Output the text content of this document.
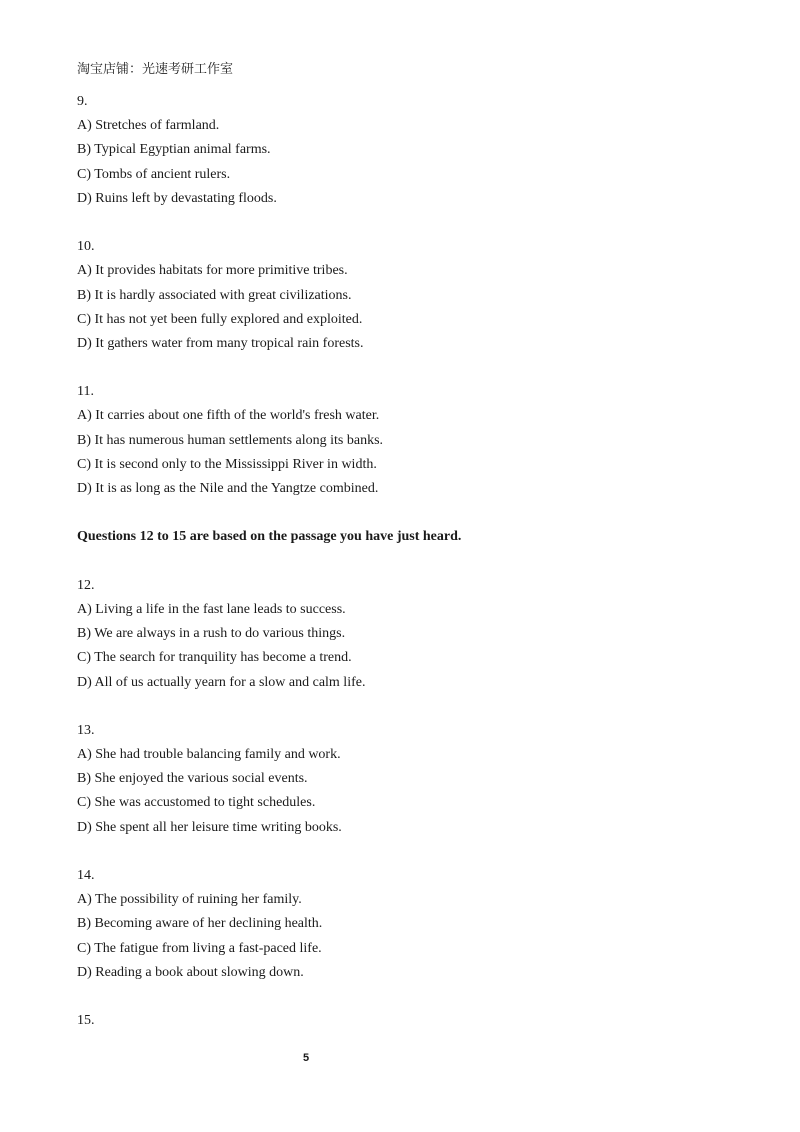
淘宝店铺：光速考研工作室
9.
A) Stretches of farmland.
B) Typical Egyptian animal farms.
C) Tombs of ancient rulers.
D) Ruins left by devastating floods.
10.
A) It provides habitats for more primitive tribes.
B) It is hardly associated with great civilizations.
C) It has not yet been fully explored and exploited.
D) It gathers water from many tropical rain forests.
11.
A) It carries about one fifth of the world's fresh water.
B) It has numerous human settlements along its banks.
C) It is second only to the Mississippi River in width.
D) It is as long as the Nile and the Yangtze combined.
Questions 12 to 15 are based on the passage you have just heard.
12.
A) Living a life in the fast lane leads to success.
B) We are always in a rush to do various things.
C) The search for tranquility has become a trend.
D) All of us actually yearn for a slow and calm life.
13.
A) She had trouble balancing family and work.
B) She enjoyed the various social events.
C) She was accustomed to tight schedules.
D) She spent all her leisure time writing books.
14.
A) The possibility of ruining her family.
B) Becoming aware of her declining health.
C) The fatigue from living a fast-paced life.
D) Reading a book about slowing down.
15.
5
